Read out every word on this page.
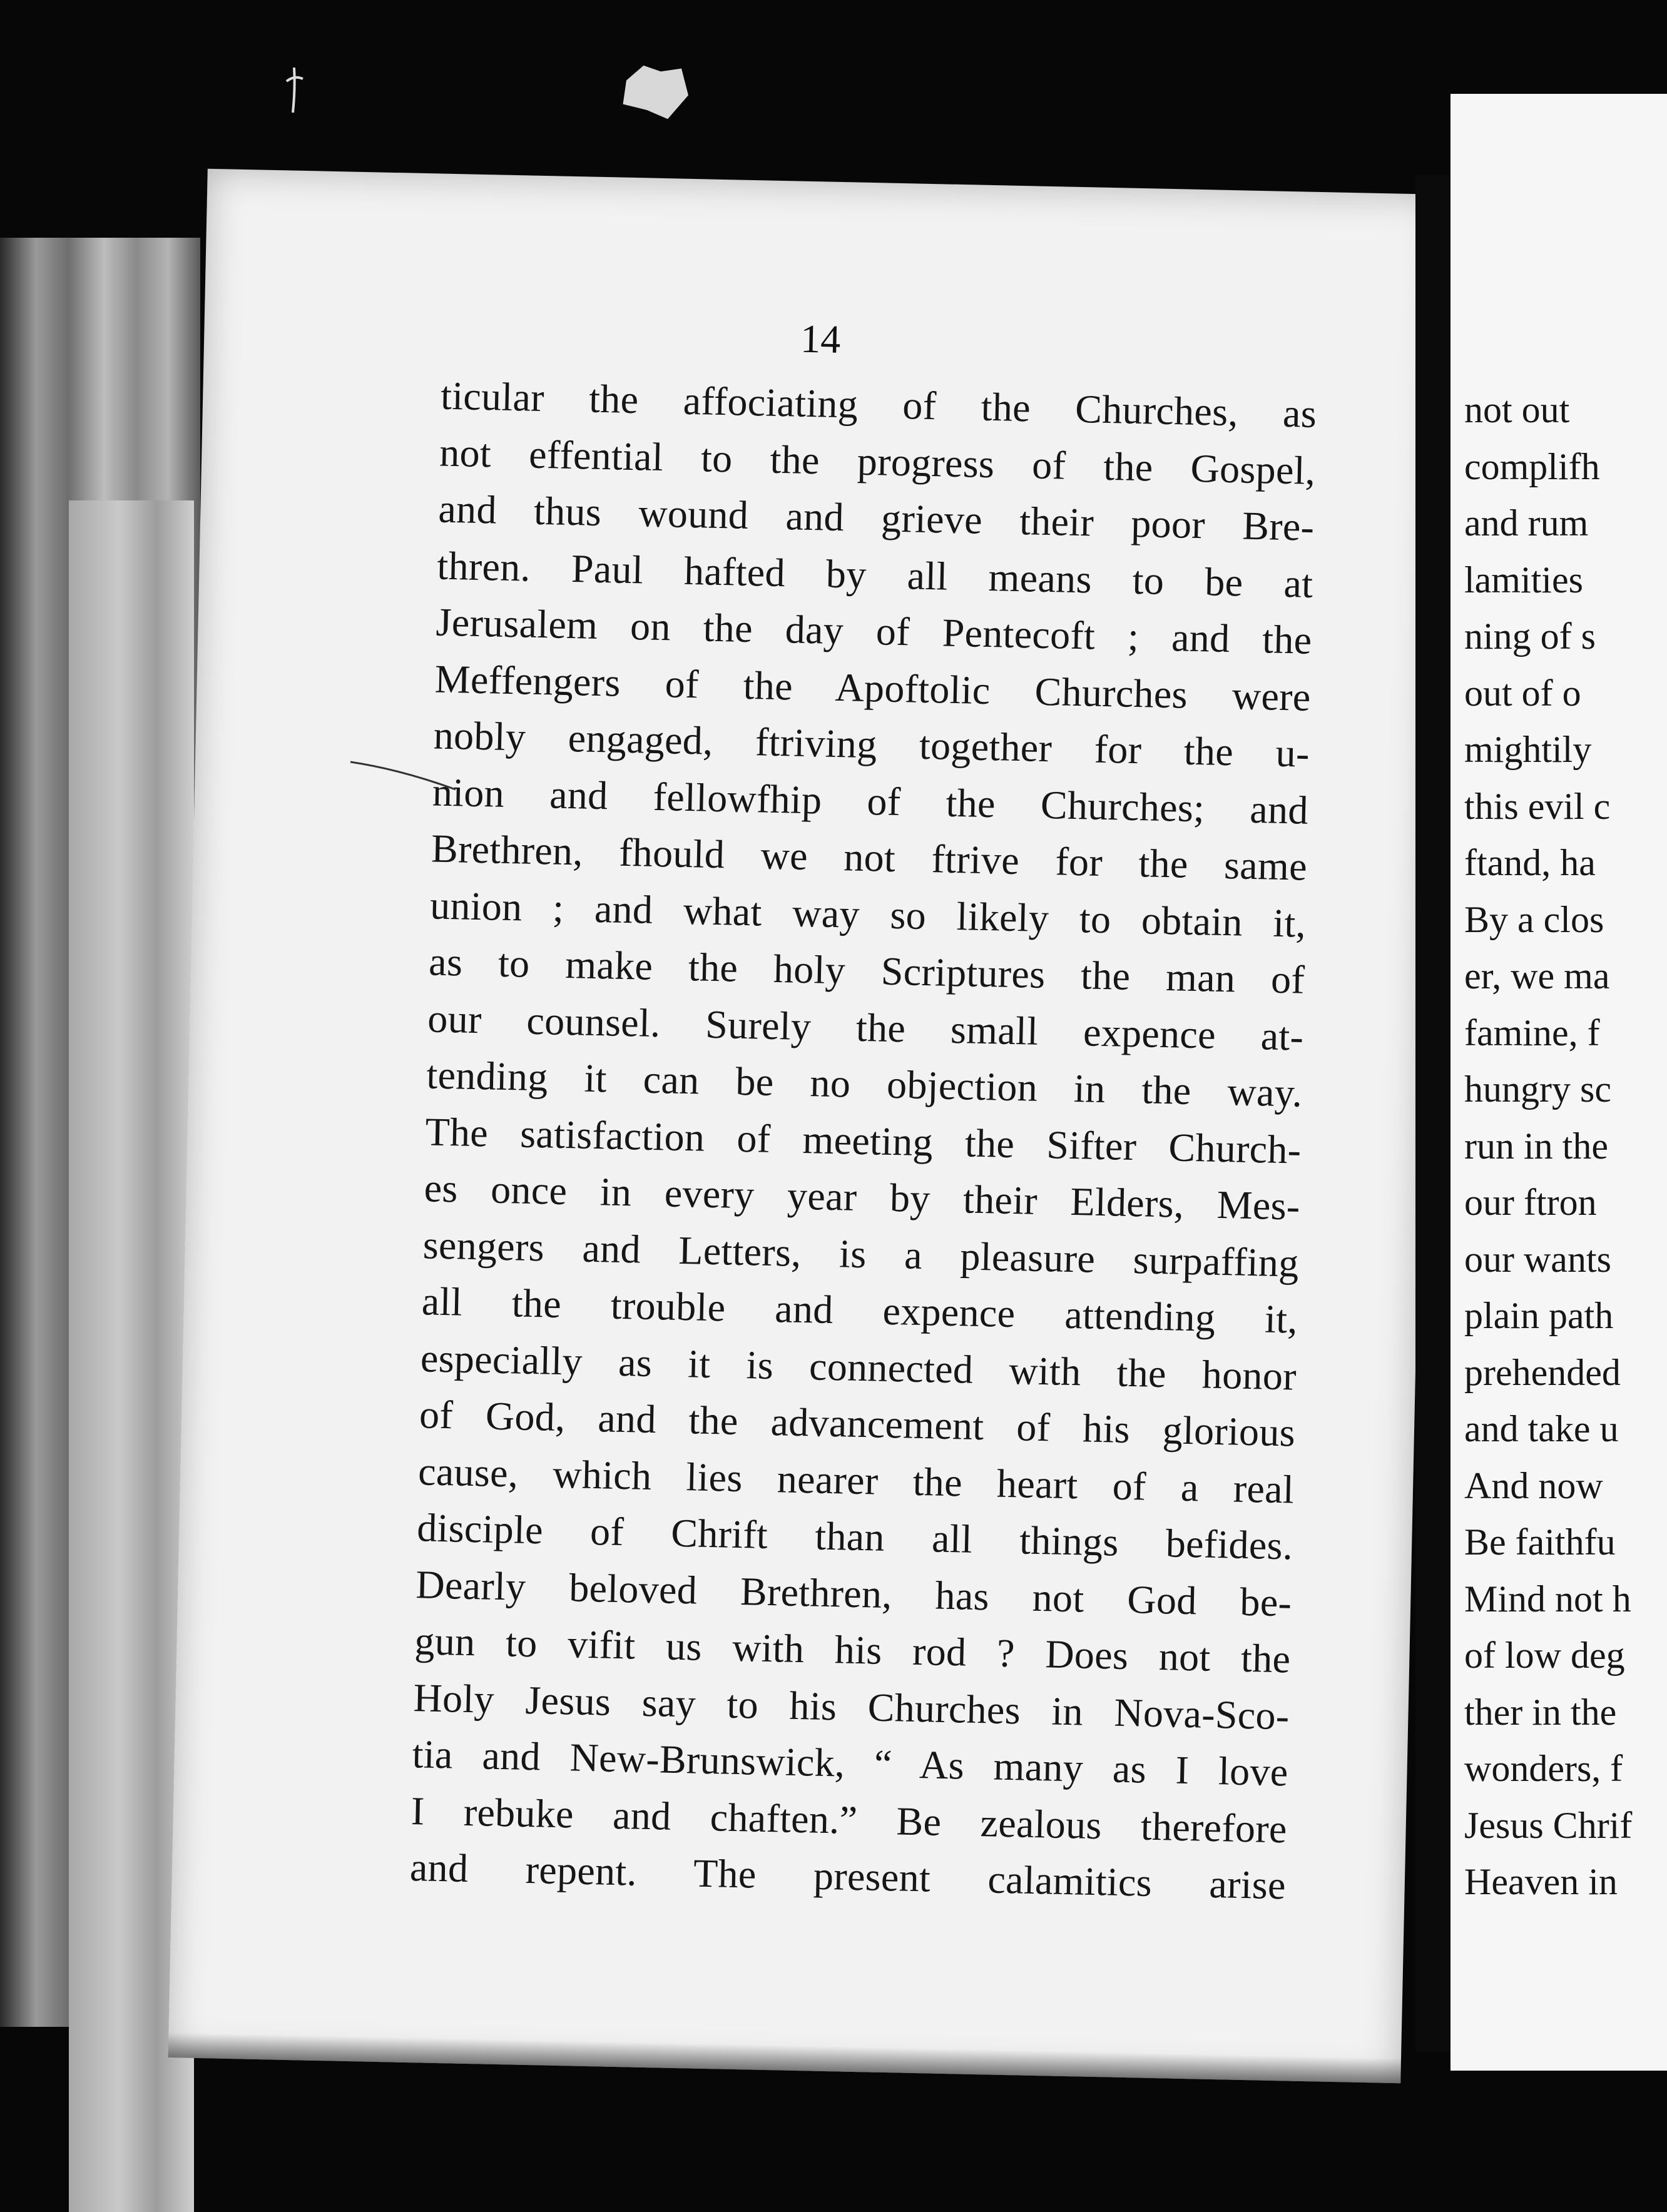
14

ticular the affociating of the Churches, as
not effential to the progress of the Gospel,
and thus wound and grieve their poor Bre-
thren. Paul hafted by all means to be at
Jerusalem on the day of Pentecoft ; and the
Meffengers of the Apoftolic Churches were
nobly engaged, ftriving together for the u-
nion and fellowfhip of the Churches; and
Brethren, fhould we not ftrive for the same
union ; and what way so likely to obtain it,
as to make the holy Scriptures the man of
our counsel. Surely the small expence at-
tending it can be no objection in the way.
The satisfaction of meeting the Sifter Church-
es once in every year by their Elders, Mes-
sengers and Letters, is a pleasure surpaffing
all the trouble and expence attending it,
especially as it is connected with the honor
of God, and the advancement of his glorious
cause, which lies nearer the heart of a real
disciple of Chrift than all things befides.
Dearly beloved Brethren, has not God be-
gun to vifit us with his rod ? Does not the
Holy Jesus say to his Churches in Nova-Sco-
tia and New-Brunswick, “ As many as I love
I rebuke and chaften.” Be zealous therefore
and repent. The present calamitics arise
not out
complifh
and rum
lamities
ning of s
out of o
mightily
this evil c
ftand, ha
By a clos
er, we ma
famine, f
hungry sc
run in the
our ftron
our wants
plain path
prehended
and take u
And now
Be faithfu
Mind not h
of low deg
ther in the
wonders, f
Jesus Chrif
Heaven in
